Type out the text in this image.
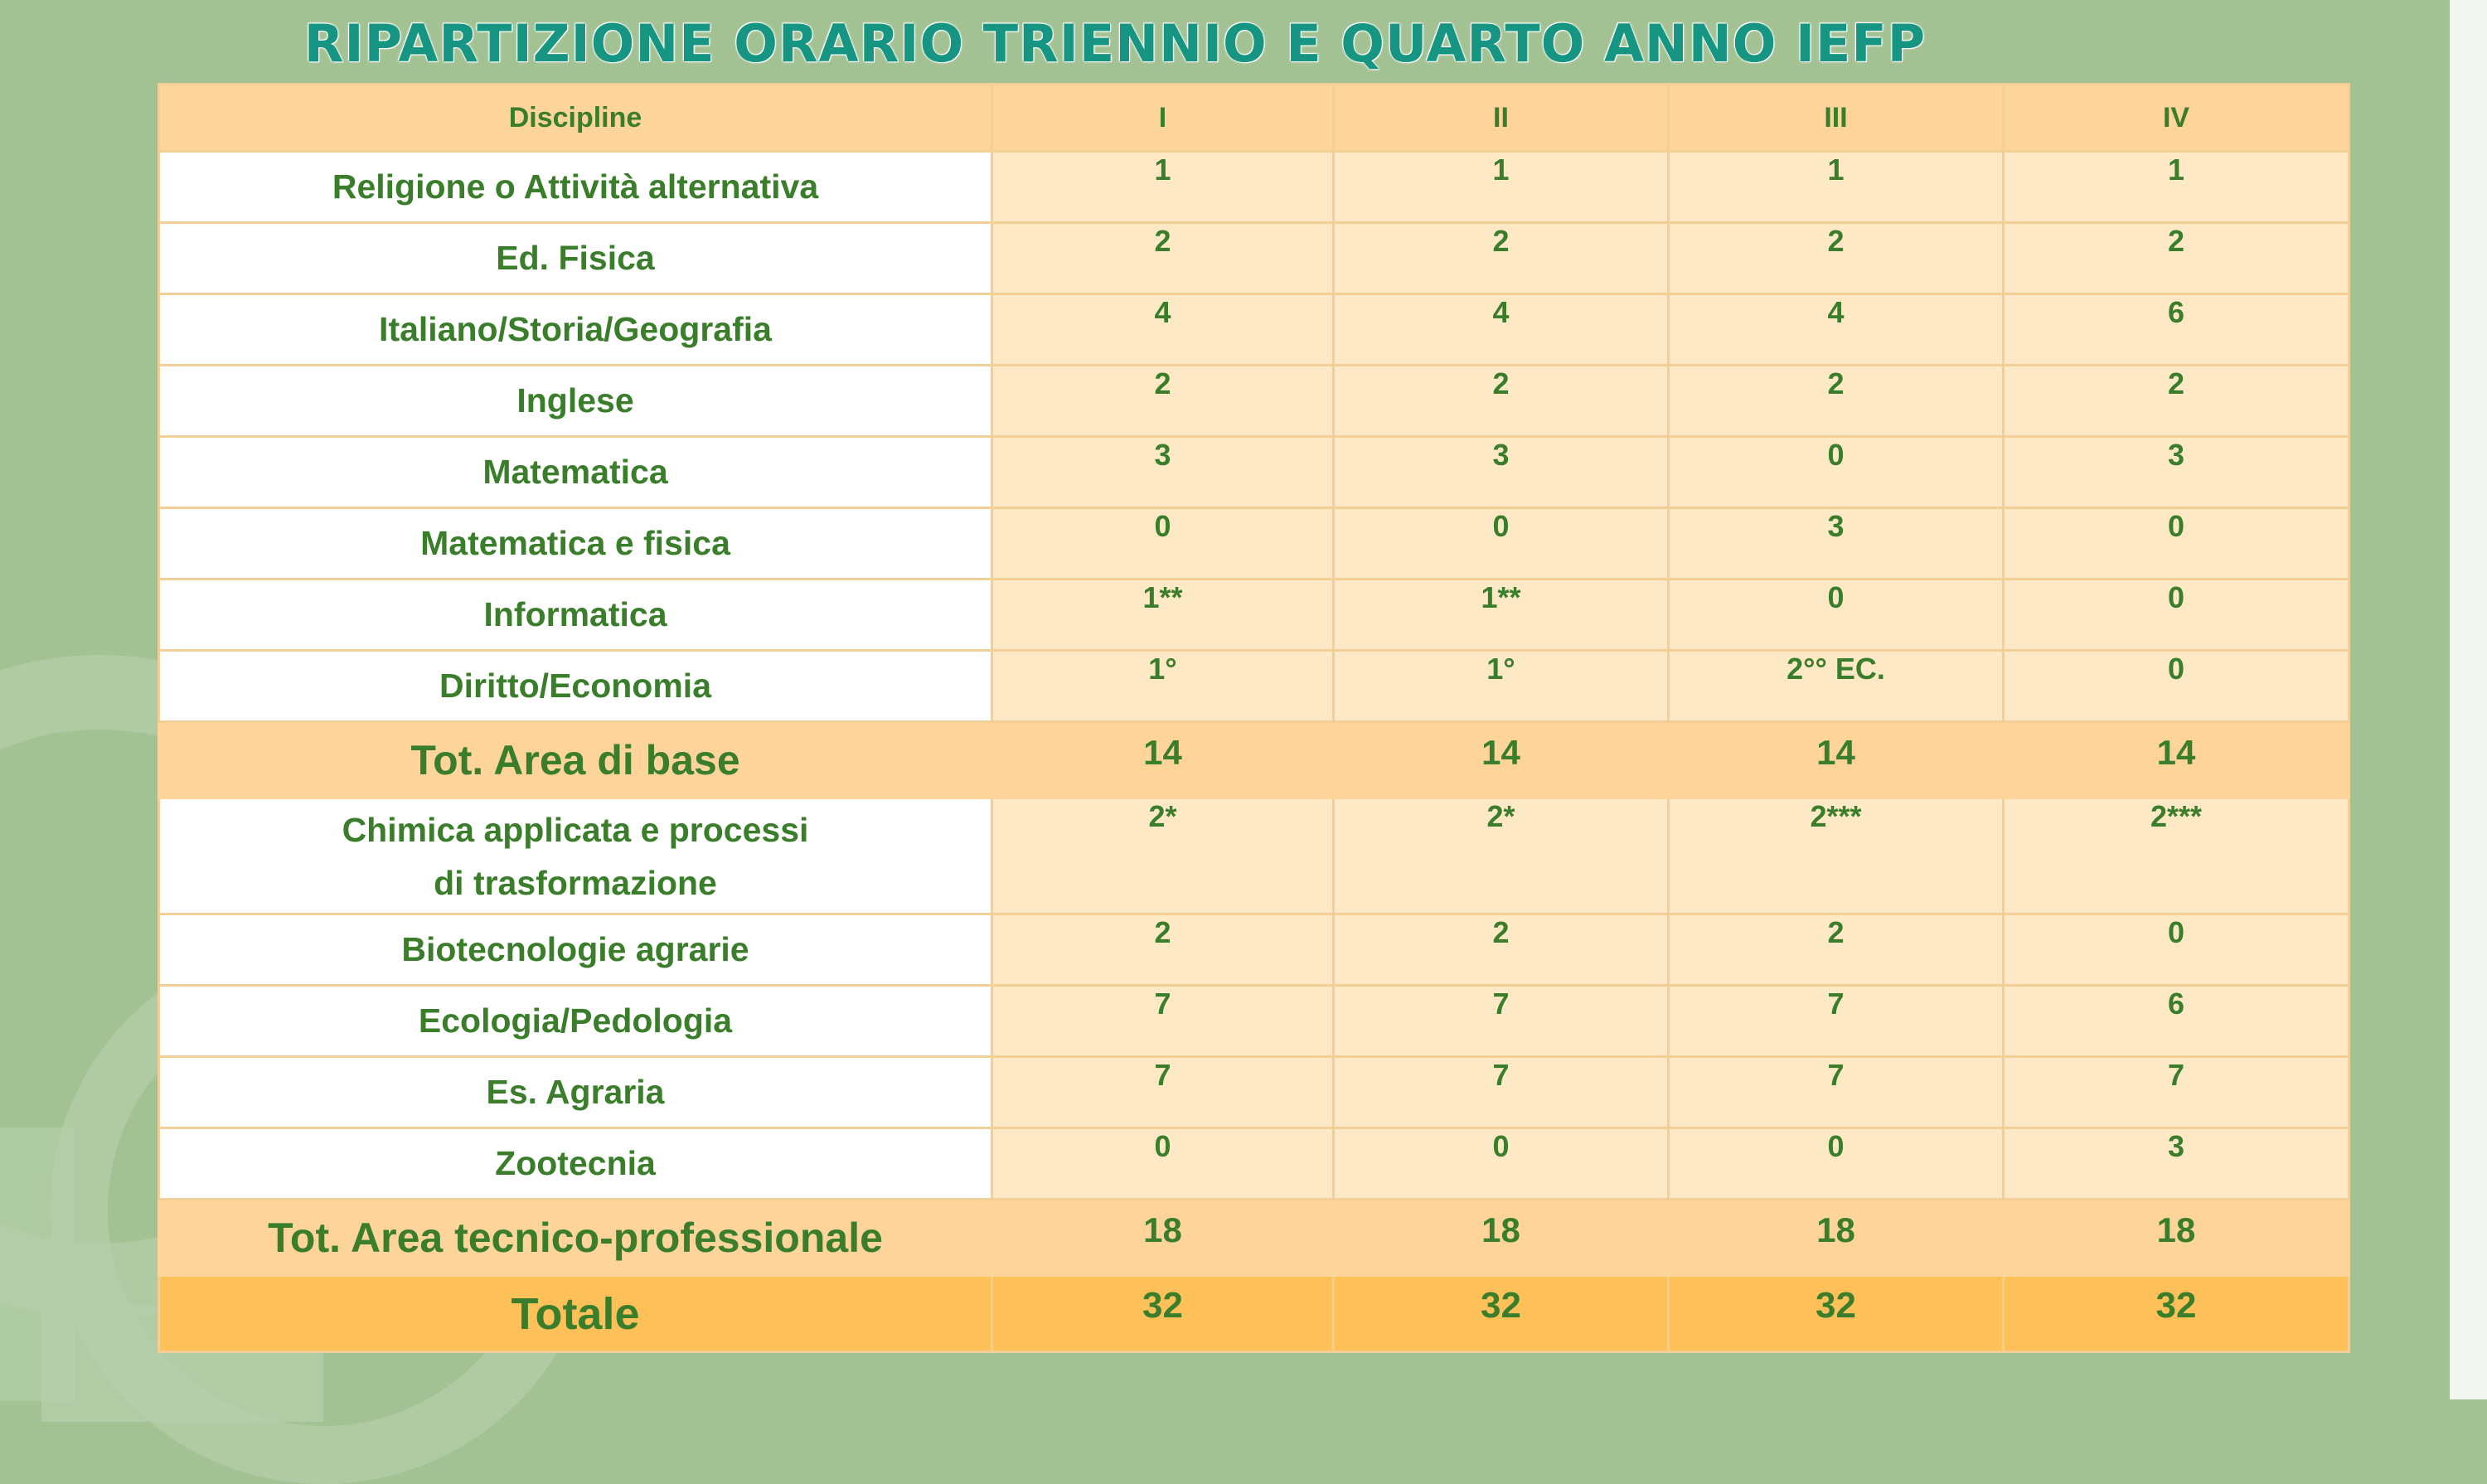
RIPARTIZIONE ORARIO TRIENNIO E QUARTO ANNO IEFP
Discipline	I	II	III	IV
Religione o Attività alternativa	1	1	1	1
Ed. Fisica	2	2	2	2
Italiano/Storia/Geografia	4	4	4	6
Inglese	2	2	2	2
Matematica	3	3	0	3
Matematica e fisica	0	0	3	0
Informatica	1**	1**	0	0
Diritto/Economia	1°	1°	2°° EC.	0
Tot. Area di base	14	14	14	14
Chimica applicata e processi
di trasformazione	2*	2*	2***	2***
Biotecnologie agrarie	2	2	2	0
Ecologia/Pedologia	7	7	7	6
Es. Agraria	7	7	7	7
Zootecnia	0	0	0	3
Tot. Area tecnico-professionale	18	18	18	18
Totale	32	32	32	32
